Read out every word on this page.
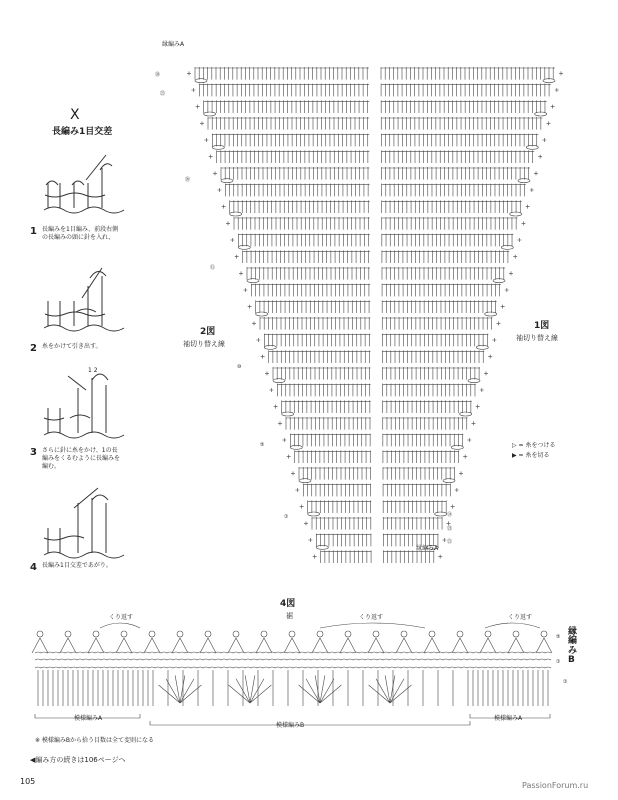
X
長編み1目交差
1 2
1 長編みを1目編み、前段右側の長編みの頭に針を入れ、
2 糸をかけて引き出す。
3 さらに針に糸をかけ、1の長編みをくるむように長編みを編む。
4 長編み1目交差であがり。
縁編みA
縁編みA
2図
袖切り替え線
1図
袖切り替え線
▷ = 糸をつける
▶ = 糸を切る
㉘
㉕
⑳
⑮
⑩
⑤
①	㉔
㉓
㉒
4図
裾
くり返す	くり返す	くり返す
縁編みB
⑤
①
①
模様編みA
模様編みB
模様編みA
※ 模様編みBから拾う目数は全て変則になる
◀編み方の続きは106ページへ
105	PassionForum.ru
